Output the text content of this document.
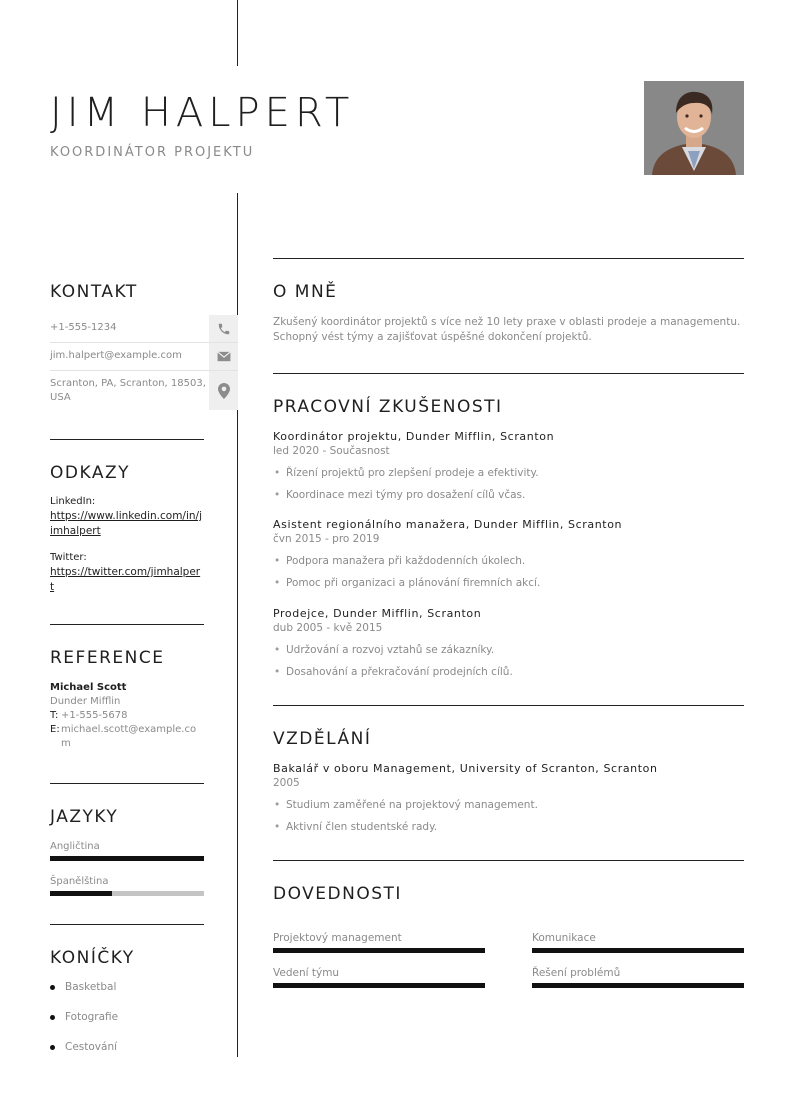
JIM HALPERT
KOORDINÁTOR PROJEKTU
KONTAKT
+1-555-1234
jim.halpert@example.com
Scranton, PA, Scranton, 18503, USA
ODKAZY
LinkedIn:
https://www.linkedin.com/in/jimhalpert
Twitter:
https://twitter.com/jimhalpert
REFERENCE
Michael Scott
Dunder Mifflin
T: +1-555-5678
E: michael.scott@example.com
JAZYKY
Angličtina
Španělština
KONÍČKY
Basketbal
Fotografie
Cestování
O MNĚ
Zkušený koordinátor projektů s více než 10 lety praxe v oblasti prodeje a managementu. Schopný vést týmy a zajišťovat úspěšné dokončení projektů.
PRACOVNÍ ZKUŠENOSTI
Koordinátor projektu, Dunder Mifflin, Scranton
led 2020 - Současnost
• Řízení projektů pro zlepšení prodeje a efektivity.
• Koordinace mezi týmy pro dosažení cílů včas.
Asistent regionálního manažera, Dunder Mifflin, Scranton
čvn 2015 - pro 2019
• Podpora manažera při každodenních úkolech.
• Pomoc při organizaci a plánování firemních akcí.
Prodejce, Dunder Mifflin, Scranton
dub 2005 - kvě 2015
• Udržování a rozvoj vztahů se zákazníky.
• Dosahování a překračování prodejních cílů.
VZDĚLÁNÍ
Bakalář v oboru Management, University of Scranton, Scranton
2005
• Studium zaměřené na projektový management.
• Aktivní člen studentské rady.
DOVEDNOSTI
Projektový management	Komunikace
Vedení týmu	Řešení problémů
